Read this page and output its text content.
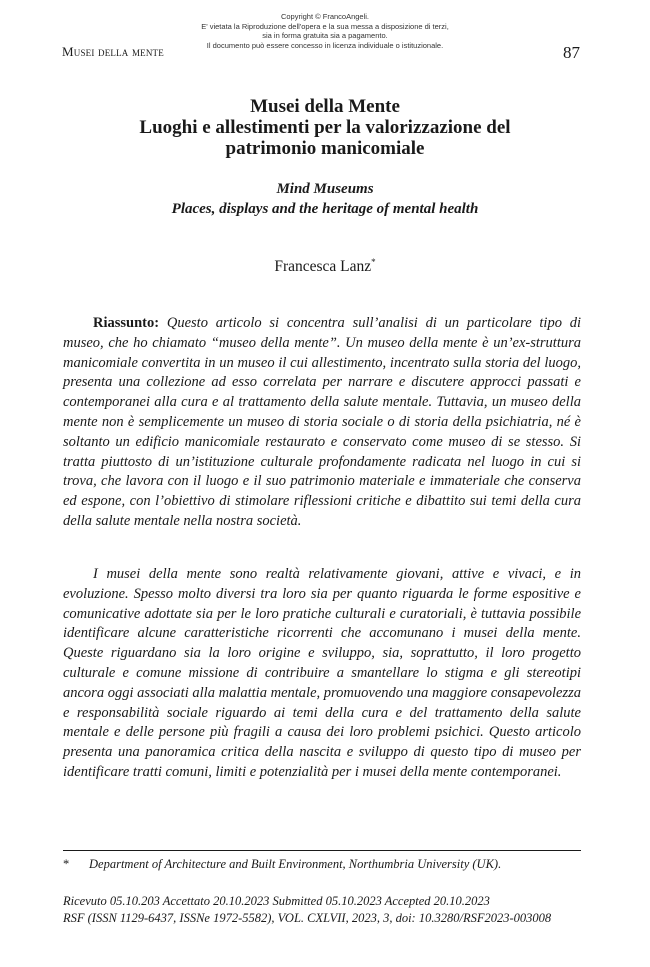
Copyright © FrancoAngeli.
E' vietata la Riproduzione dell'opera e la sua messa a disposizione di terzi,
sia in forma gratuita sia a pagamento.
Il documento può essere concesso in licenza individuale o istituzionale.
Musei della mente	87
Musei della Mente
Luoghi e allestimenti per la valorizzazione del
patrimonio manicomiale
Mind Museums
Places, displays and the heritage of mental health
Francesca Lanz*

Riassunto: Questo articolo si concentra sull’analisi di un particolare tipo di museo, che ho chiamato “museo della mente”. Un museo della mente è un’ex-struttura manicomiale convertita in un museo il cui allestimento, incentrato sulla storia del luogo, presenta una collezione ad esso correlata per narrare e discutere approcci passati e contemporanei alla cura e al trattamento della salute mentale. Tuttavia, un museo della mente non è semplicemente un museo di storia sociale o di storia della psichiatria, né è soltanto un edificio manicomiale restaurato e conservato come museo di se stesso. Si tratta piuttosto di un’istituzione culturale profondamente radicata nel luogo in cui si trova, che lavora con il luogo e il suo patrimonio materiale e immateriale che conserva ed espone, con l’obiettivo di stimolare riflessioni critiche e dibattito sui temi della cura della salute mentale nella nostra società.

I musei della mente sono realtà relativamente giovani, attive e vivaci, e in evoluzione. Spesso molto diversi tra loro sia per quanto riguarda le forme espositive e comunicative adottate sia per le loro pratiche culturali e curatoriali, è tuttavia possibile identificare alcune caratteristiche ricorrenti che accomunano i musei della mente. Queste riguardano sia la loro origine e sviluppo, sia, soprattutto, il loro progetto culturale e comune missione di contribuire a smantellare lo stigma e gli stereotipi ancora oggi associati alla malattia mentale, promuovendo una maggiore consapevolezza e responsabilità sociale riguardo ai temi della cura e del trattamento della salute mentale e delle persone più fragili a causa dei loro problemi psichici. Questo articolo presenta una panoramica critica della nascita e sviluppo di questo tipo di museo per identificare tratti comuni, limiti e potenzialità per i musei della mente contemporanei.

* Department of Architecture and Built Environment, Northumbria University (UK).
Ricevuto 05.10.203 Accettato 20.10.2023 Submitted 05.10.2023 Accepted 20.10.2023
RSF (ISSN 1129-6437, ISSNe 1972-5582), VOL. CXLVII, 2023, 3, doi: 10.3280/RSF2023-003008
